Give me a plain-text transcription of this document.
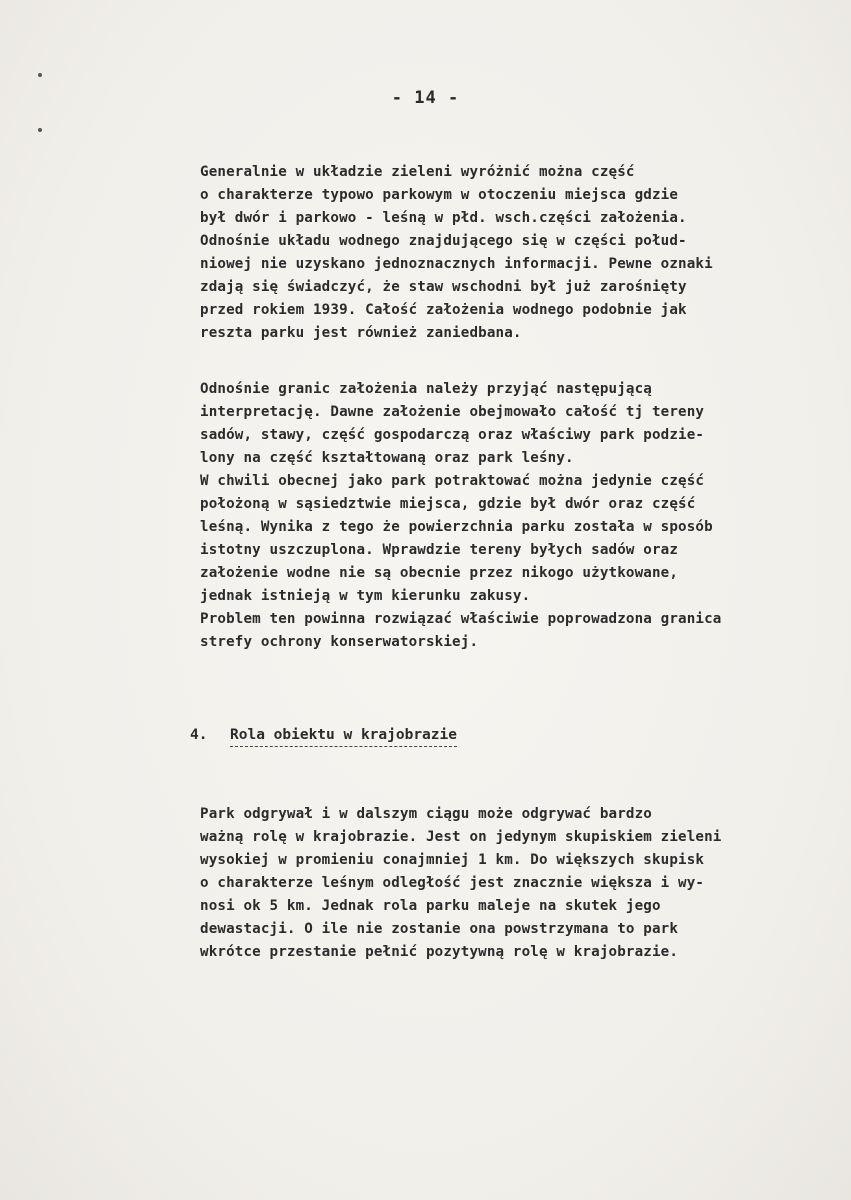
- 14 -
Generalnie w układzie zieleni wyróżnić można część
o charakterze typowo parkowym w otoczeniu miejsca gdzie
był dwór i parkowo - leśną w płd. wsch.części założenia.
Odnośnie układu wodnego znajdującego się w części połud-
niowej nie uzyskano jednoznacznych informacji. Pewne oznaki
zdają się świadczyć, że staw wschodni był już zarośnięty
przed rokiem 1939. Całość założenia wodnego podobnie jak
reszta parku jest również zaniedbana.
Odnośnie granic założenia należy przyjąć następującą
interpretację. Dawne założenie obejmowało całość tj tereny
sadów, stawy, część gospodarczą oraz właściwy park podzie-
lony na część kształtowaną oraz park leśny.
W chwili obecnej jako park potraktować można jedynie część
położoną w sąsiedztwie miejsca, gdzie był dwór oraz część
leśną. Wynika z tego że powierzchnia parku została w sposób
istotny uszczuplona. Wprawdzie tereny byłych sadów oraz
założenie wodne nie są obecnie przez nikogo użytkowane,
jednak istnieją w tym kierunku zakusy.
Problem ten powinna rozwiązać właściwie poprowadzona granica
strefy ochrony konserwatorskiej.
4. Rola obiektu w krajobrazie
Park odgrywał i w dalszym ciągu może odgrywać bardzo
ważną rolę w krajobrazie. Jest on jedynym skupiskiem zieleni
wysokiej w promieniu conajmniej 1 km. Do większych skupisk
o charakterze leśnym odległość jest znacznie większa i wy-
nosi ok 5 km. Jednak rola parku maleje na skutek jego
dewastacji. O ile nie zostanie ona powstrzymana to park
wkrótce przestanie pełnić pozytywną rolę w krajobrazie.
